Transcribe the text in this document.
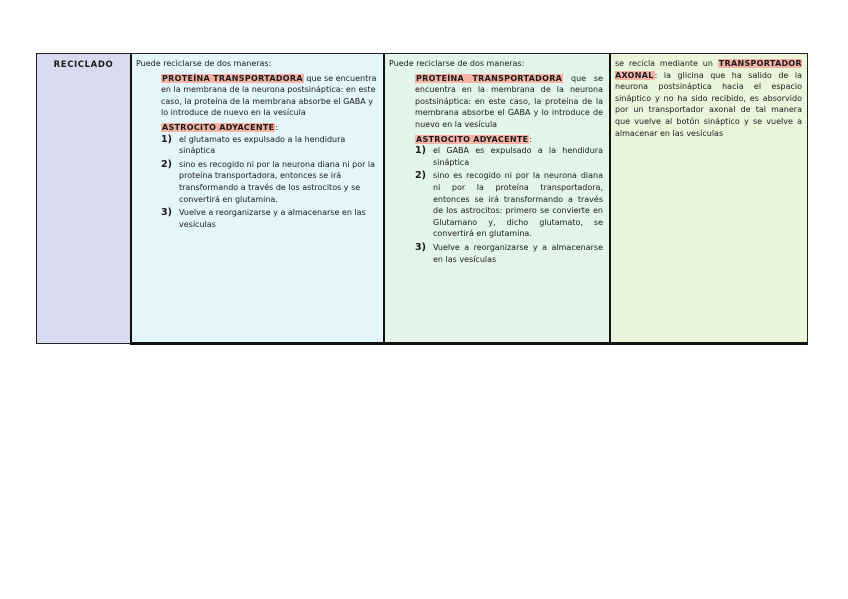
RECICLADO	Puede reciclarse de dos maneras:

PROTEÍNA TRANSPORTADORA que se encuentra en la membrana de la neurona postsináptica: en este caso, la proteína de la membrana absorbe el GABA y lo introduce de nuevo en la vesícula

ASTROCITO ADYACENTE:

1) el glutamato es expulsado a la hendidura sináptica
2) sino es recogido ni por la neurona diana ni por la proteína transportadora, entonces se irá transformando a través de los astrocitos y se convertirá en glutamina.
3) Vuelve a reorganizarse y a almacenarse en las vesículas

Puede reciclarse de dos maneras:

PROTEÍNA TRANSPORTADORA que se encuentra en la membrana de la neurona postsináptica: en este caso, la proteína de la membrana absorbe el GABA y lo introduce de nuevo en la vesícula

ASTROCITO ADYACENTE:

1) el GABA es expulsado a la hendidura sináptica
2) sino es recogido ni por la neurona diana ni por la proteína transportadora, entonces se irá transformando a través de los astrocitos: primero se convierte en Glutamano y, dicho glutamato, se convertirá en glutamina.
3) Vuelve a reorganizarse y a almacenarse en las vesículas

se recicla mediante un TRANSPORTADOR AXONAL: la glicina que ha salido de la neurona postsináptica hacia el espacio sináptico y no ha sido recibido, es absorvido por un transportador axonal de tal manera que vuelve al botón sináptico y se vuelve a almacenar en las vesículas
